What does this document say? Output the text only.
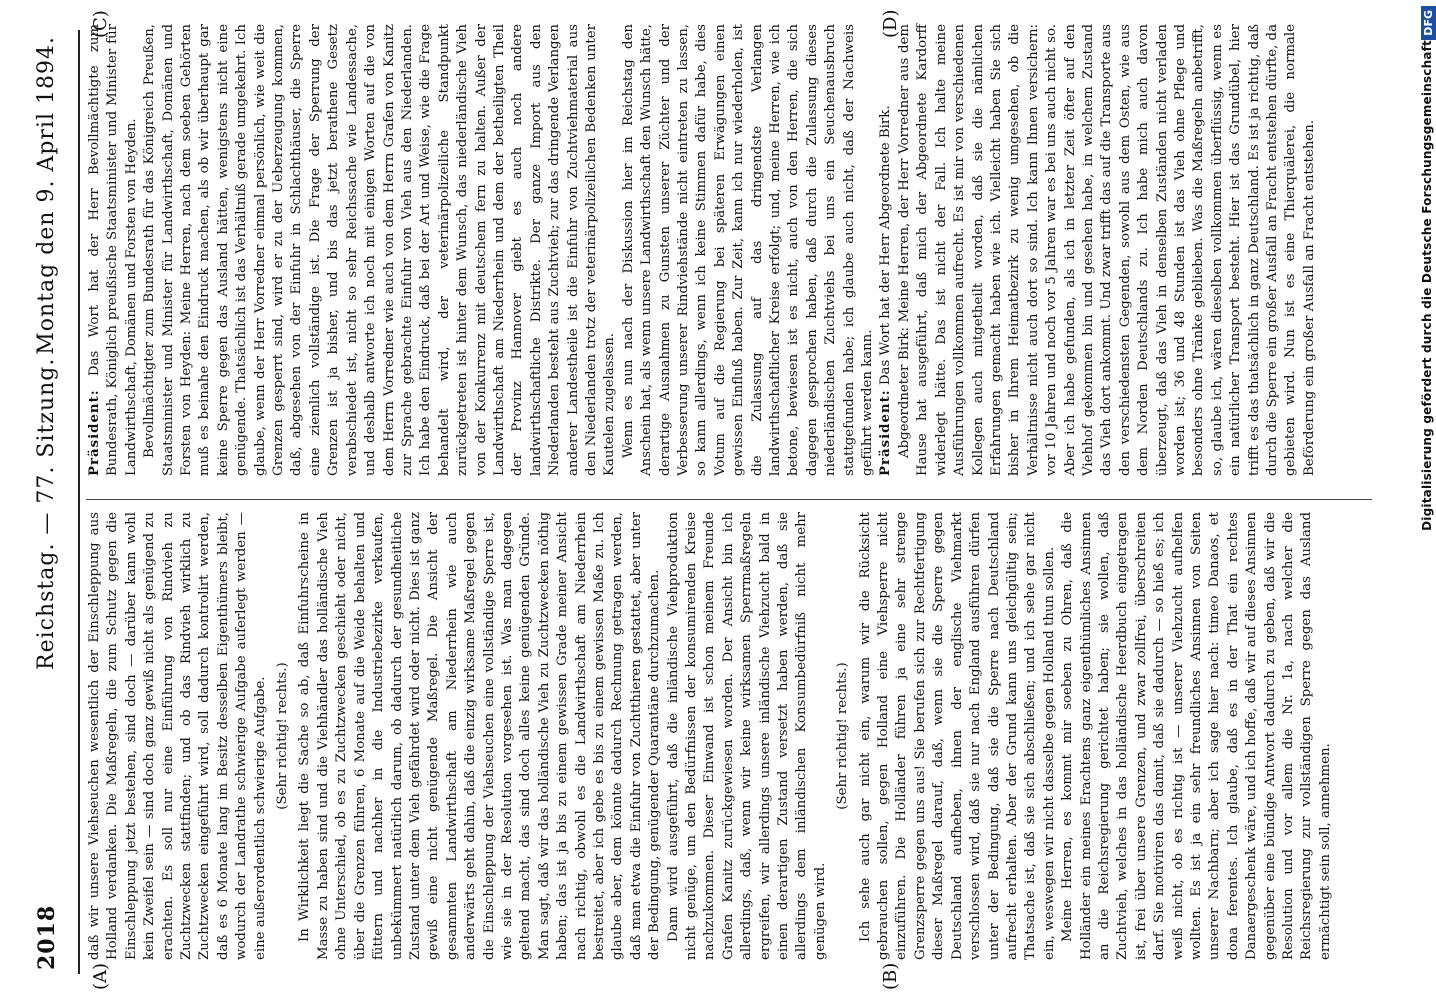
2018
Reichstag. — 77. Sitzung.
Montag den 9. April 1894.
(A)	(B)
(C)	(D)

daß wir unsere Viehseuchen wesentlich der Einschleppung aus Holland verdanken. Die Maßregeln, die zum Schutz gegen die Einschleppung jetzt bestehen, sind doch — darüber kann wohl kein Zweifel sein — sind doch ganz gewiß nicht als genügend zu erachten. Es soll nur eine Einführung von Rindvieh zu Zuchtzwecken stattfinden; und ob das Rindvieh wirklich zu Zuchtzwecken eingeführt wird, soll dadurch kontrolirt werden, daß es 6 Monate lang im Besitz desselben Eigenthümers bleibt, wodurch der Landrathe schwierige Aufgabe auferlegt werden — eine außerordentlich schwierige Aufgabe. (Sehr richtig! rechts.) In Wirklichkeit liegt die Sache so ab, daß Einfuhrscheine in Masse zu haben sind und die Viehhändler das holländische Vieh ohne Unterschied, ob es zu Zuchtzwecken geschieht oder nicht, über die Grenzen führen, 6 Monate auf die Weide behalten und füttern und nachher in die Industriebezirke verkaufen, unbekümmert natürlich darum, ob dadurch der gesundheitliche Zustand unter dem Vieh gefährdet wird oder nicht. Dies ist ganz gewiß eine nicht genügende Maßregel. Die Ansicht der gesammten Landwirthschaft am Niederrhein wie auch anderwärts geht dahin, daß die einzig wirksame Maßregel gegen die Einschleppung der Viehseuchen eine vollständige Sperre ist, wie sie in der Resolution vorgesehen ist. Was man dagegen geltend macht, das sind doch alles keine genügenden Gründe. Man sagt, daß wir das holländische Vieh zu Zuchtzwecken nöthig haben; das ist ja bis zu einem gewissen Grade meiner Ansicht nach richtig, obwohl es die Landwirthschaft am Niederrhein bestreitet, aber ich gebe es bis zu einem gewissen Maße zu. Ich glaube aber, dem könnte dadurch Rechnung getragen werden, daß man etwa die Einfuhr von Zuchtthieren gestattet, aber unter der Bedingung, genügender Quarantäne durchzumachen. Dann wird ausgeführt, daß die inländische Viehproduktion nicht genüge, um den Bedürfnissen der konsumirenden Kreise nachzukommen. Dieser Einwand ist schon meinem Freunde Grafen Kanitz zurückgewiesen worden. Der Ansicht bin ich allerdings, daß, wenn wir keine wirksamen Sperrmaßregeln ergreifen, wir allerdings unsere inländische Viehzucht bald in einen derartigen Zustand versetzt haben werden, daß sie allerdings dem inländischen Konsumbedürfniß nicht mehr genügen wird.

(Sehr richtig! rechts.) Ich sehe auch gar nicht ein, warum wir die Rücksicht gebrauchen sollen, gegen Holland eine Viehsperre nicht einzuführen. Die Holländer führen ja eine sehr strenge Grenzsperre gegen uns aus! Sie berufen sich zur Rechtfertigung dieser Maßregel darauf, daß, wenn sie die Sperre gegen Deutschland aufheben, ihnen der englische Viehmarkt verschlossen wird, daß sie nur nach England ausführen dürfen unter der Bedingung, daß sie die Sperre nach Deutschland aufrecht erhalten. Aber der Grund kann uns gleichgültig sein; Thatsache ist, daß sie sich abschließen; und ich sehe gar nicht ein, weswegen wir nicht dasselbe gegen Holland thun sollen. Meine Herren, es kommt mir soeben zu Ohren, daß die Holländer ein meines Erachtens ganz eigenthümliches Ansinnen an die Reichsregierung gerichtet haben; sie wollen, daß Zuchtvieh, welches in das holländische Heerdbuch eingetragen ist, frei über unsere Grenzen, und zwar zollfrei, überschreiten darf. Sie motiviren das damit, daß sie dadurch — so hieß es; ich weiß nicht, ob es richtig ist — unserer Viehzucht aufhelfen wollten. Es ist ja ein sehr freundliches Ansinnen von Seiten unserer Nachbarn; aber ich sage hier nach: timeo Danaos, et dona ferentes. Ich glaube, daß es in der That ein rechtes Danaergeschenk wäre, und ich hoffe, daß wir auf dieses Ansinnen gegenüber eine bündige Antwort dadurch zu geben, daß wir die Resolution und vor allem die Nr. 1a, nach welcher die Reichsregierung zur vollständigen Sperre gegen das Ausland ermächtigt sein soll, annehmen.

Präsident: Das Wort hat der Herr Bevollmächtigte zum Bundesrath, Königlich preußische Staatsminister und Minister für Landwirthschaft, Domänen und Forsten von Heyden. Bevollmächtigter zum Bundesrath für das Königreich Preußen, Staatsminister und Minister für Landwirthschaft, Domänen und Forsten von Heyden: Meine Herren, nach dem soeben Gehörten muß es beinahe den Eindruck machen, als ob wir überhaupt gar keine Sperre gegen das Ausland hätten, wenigstens nicht eine genügende. Thatsächlich ist das Verhältniß gerade umgekehrt. Ich glaube, wenn der Herr Vorredner einmal persönlich, wie weit die Grenzen gesperrt sind, wird er zu der Ueberzeugung kommen, daß, abgesehen von der Einfuhr in Schlachthäuser, die Sperre eine ziemlich vollständige ist. Die Frage der Sperrung der Grenzen ist ja bisher, und bis das jetzt berathene Gesetz verabschiedet ist, nicht so sehr Reichssache wie Landessache, und deshalb antworte ich noch mit einigen Worten auf die von dem Herrn Vorredner wie auch von dem Herrn Grafen von Kanitz zur Sprache gebrachte Einfuhr von Vieh aus den Niederlanden. Ich habe den Eindruck, daß bei der Art und Weise, wie die Frage behandelt wird, der veterinärpolizeiliche Standpunkt zurückgetreten ist hinter dem Wunsch, das niederländische Vieh von der Konkurrenz mit deutschem fern zu halten. Außer der Landwirthschaft am Niederrhein und dem der betheiligten Theil der Provinz Hannover giebt es auch noch andere landwirthschaftliche Distrikte. Der ganze Import aus den Niederlanden besteht aus Zuchtvieh; zur das dringende Verlangen anderer Landestheile ist die Einfuhr von Zuchtviehmaterial aus den Niederlanden trotz der veterinärpolizeilichen Bedenken unter Kautelen zugelassen. Wenn es nun nach der Diskussion hier im Reichstag den Anschein hat, als wenn unsere Landwirthschaft den Wunsch hätte, derartige Ausnahmen zu Gunsten unserer Züchter und der Verbesserung unserer Rindviehstände nicht eintreten zu lassen, so kann allerdings, wenn ich keine Stimmen dafür habe, dies Votum auf die Regierung bei späteren Erwägungen einen gewissen Einfluß haben. Zur Zeit, kann ich nur wiederholen, ist die Zulassung auf das dringendste Verlangen landwirthschaftlicher Kreise erfolgt; und, meine Herren, wie ich betone, bewiesen ist es nicht, auch von den Herren, die sich dagegen gesprochen haben, daß durch die Zulassung dieses niederländischen Zuchtviehs bei uns ein Seuchenausbruch stattgefunden habe; ich glaube auch nicht, daß der Nachweis geführt werden kann. Präsident: Das Wort hat der Herr Abgeordnete Birk. Abgeordneter Birk: Meine Herren, der Herr Vorredner aus dem Hause hat ausgeführt, daß mich der Abgeordnete Kardorff widerlegt hätte. Das ist nicht der Fall. Ich halte meine Ausführungen vollkommen aufrecht. Es ist mir von verschiedenen Kollegen auch mitgetheilt worden, daß sie die nämlichen Erfahrungen gemacht haben wie ich. Vielleicht haben Sie sich bisher in Ihrem Heimatbezirk zu wenig umgesehen, ob die Verhältnisse nicht auch dort so sind. Ich kann Ihnen versichern: vor 10 Jahren und noch vor 5 Jahren war es bei uns auch nicht so. Aber ich habe gefunden, als ich in letzter Zeit öfter auf den Viehhof gekommen bin und gesehen habe, in welchem Zustand das Vieh dort ankommt. Und zwar trifft das auf die Transporte aus den verschiedensten Gegenden, sowohl aus dem Osten, wie aus dem Norden Deutschlands zu. Ich habe mich auch davon überzeugt, daß das Vieh in denselben Zuständen nicht verladen worden ist; 36 und 48 Stunden ist das Vieh ohne Pflege und besonders ohne Tränke geblieben. Was die Maßregeln anbetrifft, so, glaube ich, wären dieselben vollkommen überflüssig, wenn es ein natürlicher Transport besteht. Hier ist das Grundübel, hier trifft es das thatsächlich in ganz Deutschland. Es ist ja richtig, daß durch die Sperre ein großer Ausfall an Fracht entstehen dürfte, da gebieten wird. Nun ist es eine Thierquälerei, die normale Beförderung ein großer Ausfall an Fracht entstehen.	Digitalisierung gefördert durch die Deutsche Forschungsgemeinschaft
DFG
